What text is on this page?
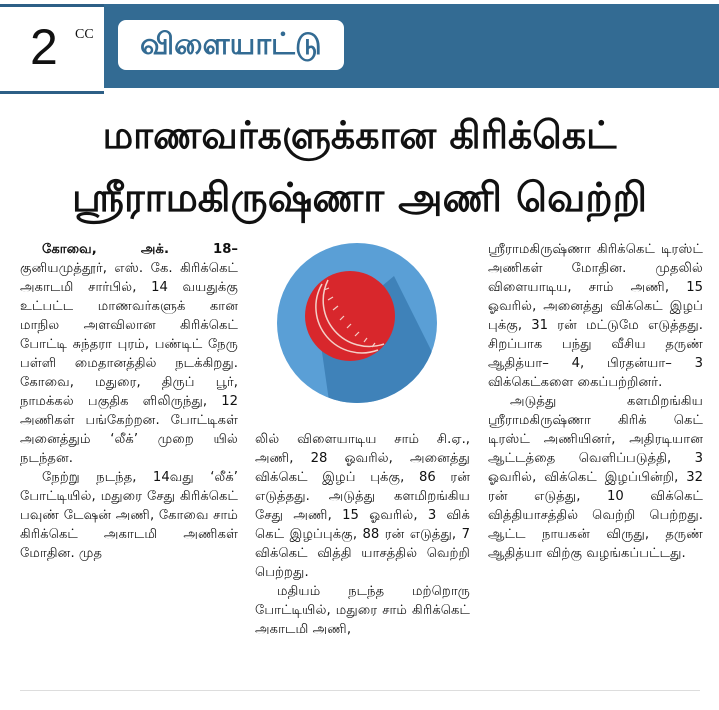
2 CC	விளையாட்டு
மாணவர்களுக்கான கிரிக்கெட்
ஸ்ரீராமகிருஷ்ணா அணி வெற்றி

கோவை, அக். 18– குனியமுத்தூர், எஸ். கே. கிரிக்கெட் அகாடமி சார்பில், 14 வயதுக்கு உட்பட்ட மாணவர்களுக் கான மாநில அளவிலான கிரிக்கெட் போட்டி சுந்தரா புரம், பண்டிட் நேரு பள்ளி மைதானத்தில் நடக்கிறது. கோவை, மதுரை, திருப் பூர், நாமக்கல் பகுதிக ளிலிருந்து, 12 அணிகள் பங்கேற்றன. போட்டிகள் அனைத்தும் ‘லீக்’ முறை யில் நடந்தன.

நேற்று நடந்த, 14வது ‘லீக்’ போட்டியில், மதுரை சேது கிரிக்கெட் பவுண் டேஷன் அணி, கோவை சாம் கிரிக்கெட் அகாடமி அணிகள் மோதின. முத

லில் விளையாடிய சாம் சி.ஏ., அணி, 28 ஓவரில், அனைத்து விக்கெட் இழப் புக்கு, 86 ரன் எடுத்தது. அடுத்து களமிறங்கிய சேது அணி, 15 ஓவரில், 3 விக் கெட் இழப்புக்கு, 88 ரன் எடுத்து, 7 விக்கெட் வித்தி யாசத்தில் வெற்றி பெற்றது.

மதியம் நடந்த மற்றொரு போட்டியில், மதுரை சாம் கிரிக்கெட் அகாடமி அணி,

ஸ்ரீராமகிருஷ்ணா கிரிக்கெட் டிரஸ்ட் அணிகள் மோதின. முதலில் விளையாடிய, சாம் அணி, 15 ஓவரில், அனைத்து விக்கெட் இழப் புக்கு, 31 ரன் மட்டுமே எடுத்தது. சிறப்பாக பந்து வீசிய தருண் ஆதித்யா– 4, பிரதன்யா– 3 விக்கெட்களை கைப்பற்றினர்.

அடுத்து களமிறங்கிய ஸ்ரீராமகிருஷ்ணா கிரிக் கெட் டிரஸ்ட் அணியினர், அதிரடியான ஆட்டத்தை வெளிப்படுத்தி, 3 ஓவரில், விக்கெட் இழப்பின்றி, 32 ரன் எடுத்து, 10 விக்கெட் வித்தியாசத்தில் வெற்றி பெற்றது. ஆட்ட நாயகன் விருது, தருண் ஆதித்யா விற்கு வழங்கப்பட்டது.
